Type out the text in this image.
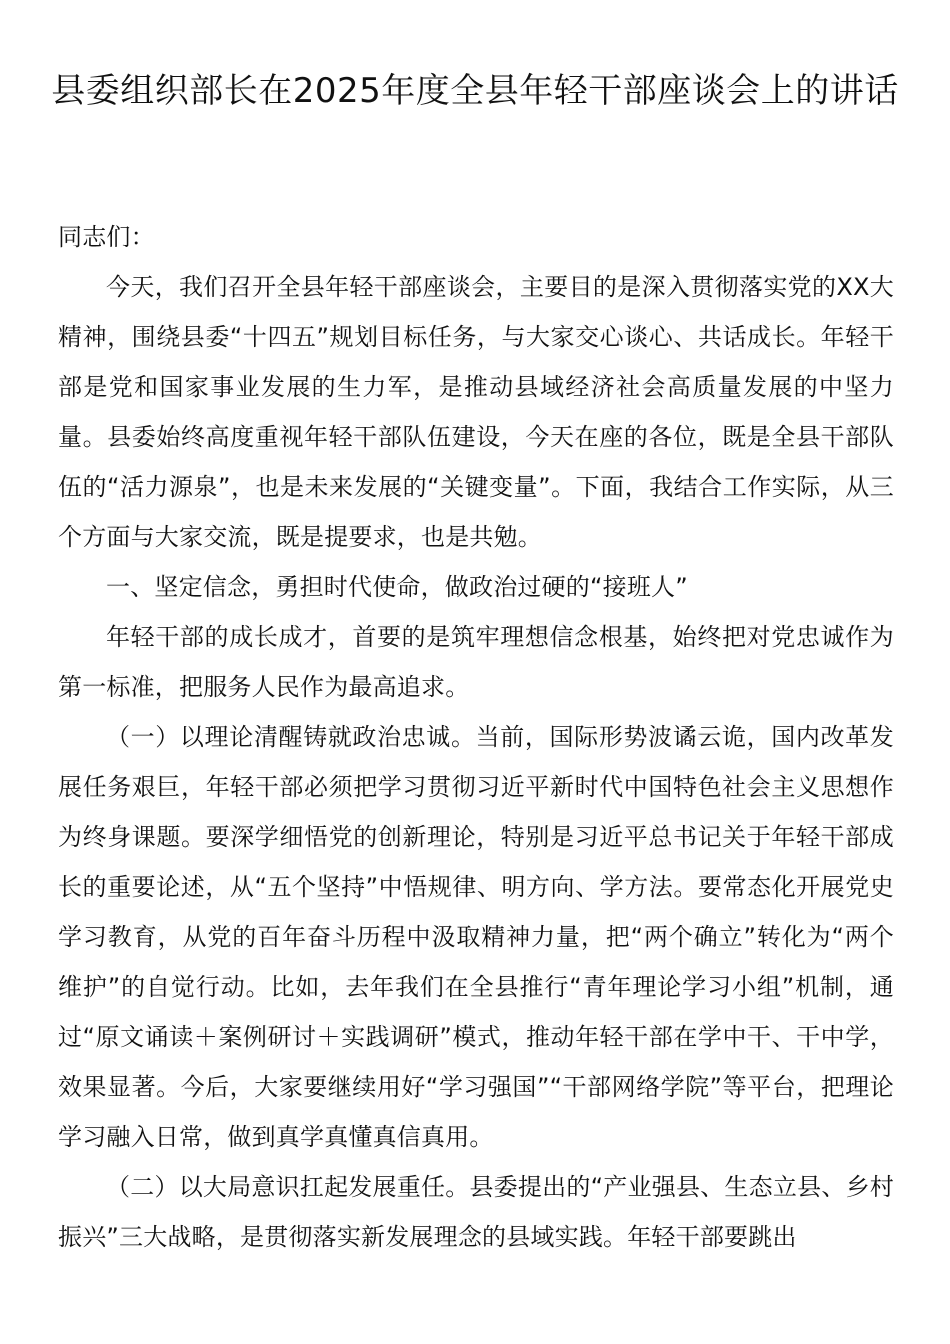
县委组织部长在2025年度全县年轻干部座谈会上的讲话

同志们：

今天，我们召开全县年轻干部座谈会，主要目的是深入贯彻落实党的XX大精神，围绕县委“十四五”规划目标任务，与大家交心谈心、共话成长。年轻干部是党和国家事业发展的生力军，是推动县域经济社会高质量发展的中坚力量。县委始终高度重视年轻干部队伍建设，今天在座的各位，既是全县干部队伍的“活力源泉”，也是未来发展的“关键变量”。下面，我结合工作实际，从三个方面与大家交流，既是提要求，也是共勉。

一、坚定信念，勇担时代使命，做政治过硬的“接班人”

年轻干部的成长成才，首要的是筑牢理想信念根基，始终把对党忠诚作为第一标准，把服务人民作为最高追求。

（一）以理论清醒铸就政治忠诚。当前，国际形势波谲云诡，国内改革发展任务艰巨，年轻干部必须把学习贯彻习近平新时代中国特色社会主义思想作为终身课题。要深学细悟党的创新理论，特别是习近平总书记关于年轻干部成长的重要论述，从“五个坚持”中悟规律、明方向、学方法。要常态化开展党史学习教育，从党的百年奋斗历程中汲取精神力量，把“两个确立”转化为“两个维护”的自觉行动。比如，去年我们在全县推行“青年理论学习小组”机制，通过“原文诵读＋案例研讨＋实践调研”模式，推动年轻干部在学中干、干中学，效果显著。今后，大家要继续用好“学习强国”“干部网络学院”等平台，把理论学习融入日常，做到真学真懂真信真用。

（二）以大局意识扛起发展重任。县委提出的“产业强县、生态立县、乡村振兴”三大战略，是贯彻落实新发展理念的县域实践。年轻干部要跳出
